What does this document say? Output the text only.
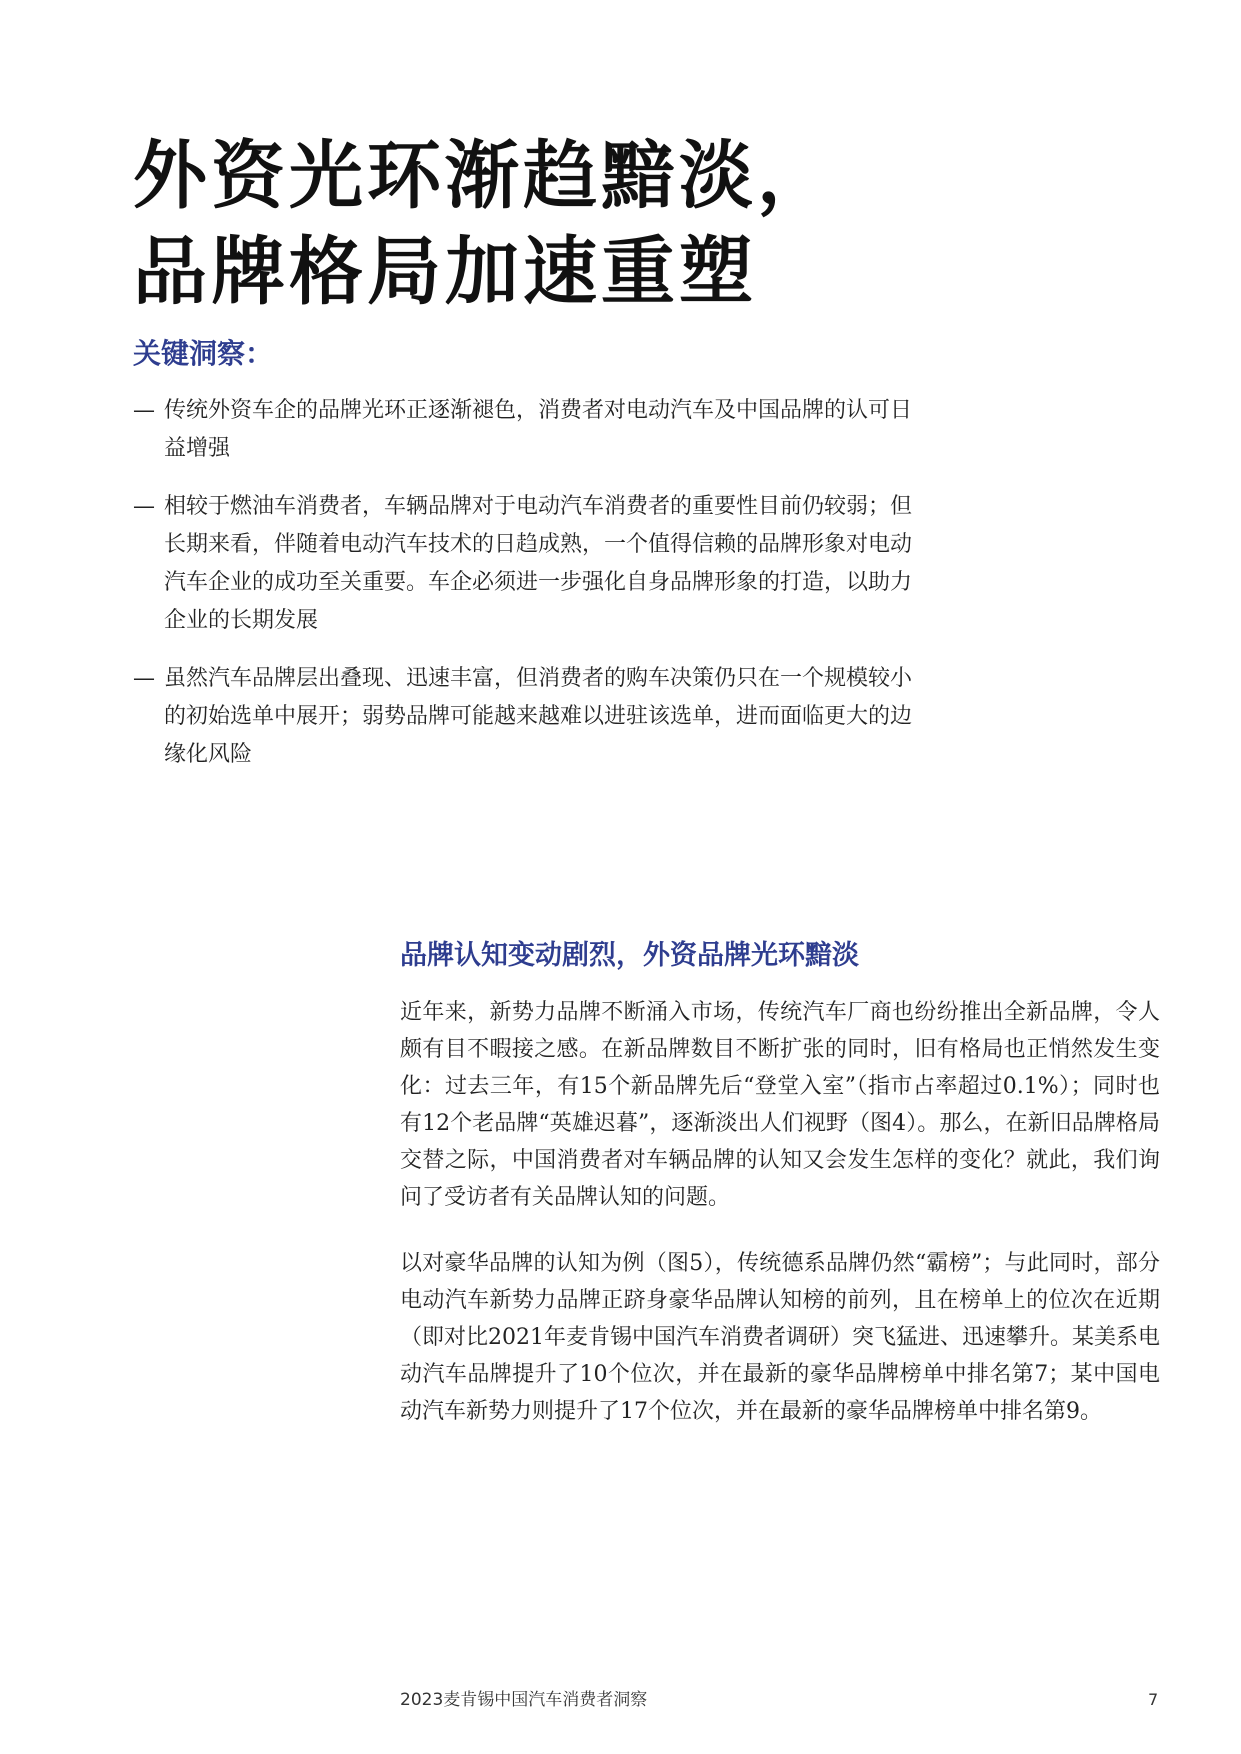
外资光环渐趋黯淡，
品牌格局加速重塑
关键洞察：
— 传统外资车企的品牌光环正逐渐褪色，消费者对电动汽车及中国品牌的认可日益增强
— 相较于燃油车消费者，车辆品牌对于电动汽车消费者的重要性目前仍较弱；但长期来看，伴随着电动汽车技术的日趋成熟，一个值得信赖的品牌形象对电动汽车企业的成功至关重要。车企必须进一步强化自身品牌形象的打造，以助力企业的长期发展
— 虽然汽车品牌层出叠现、迅速丰富，但消费者的购车决策仍只在一个规模较小的初始选单中展开；弱势品牌可能越来越难以进驻该选单，进而面临更大的边缘化风险
品牌认知变动剧烈，外资品牌光环黯淡

近年来，新势力品牌不断涌入市场，传统汽车厂商也纷纷推出全新品牌，令人颇有目不暇接之感。在新品牌数目不断扩张的同时，旧有格局也正悄然发生变化：过去三年，有15个新品牌先后“登堂入室”（指市占率超过0.1%）；同时也有12个老品牌“英雄迟暮”，逐渐淡出人们视野（图4）。那么，在新旧品牌格局交替之际，中国消费者对车辆品牌的认知又会发生怎样的变化？就此，我们询问了受访者有关品牌认知的问题。

以对豪华品牌的认知为例（图5），传统德系品牌仍然“霸榜”；与此同时，部分电动汽车新势力品牌正跻身豪华品牌认知榜的前列，且在榜单上的位次在近期（即对比2021年麦肯锡中国汽车消费者调研）突飞猛进、迅速攀升。某美系电动汽车品牌提升了10个位次，并在最新的豪华品牌榜单中排名第7；某中国电动汽车新势力则提升了17个位次，并在最新的豪华品牌榜单中排名第9。

2023麦肯锡中国汽车消费者洞察	7
